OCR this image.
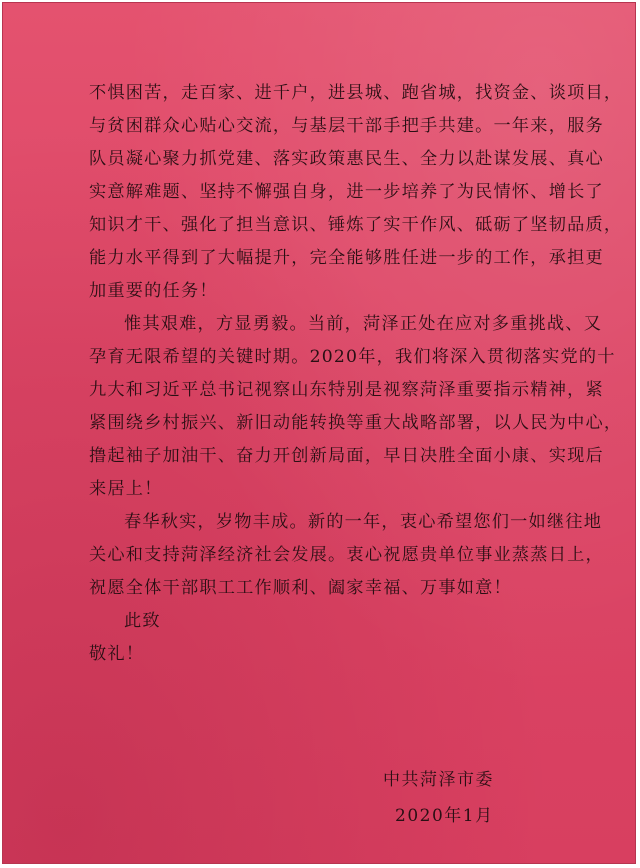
不惧困苦，走百家、进千户，进县城、跑省城，找资金、谈项目，
与贫困群众心贴心交流，与基层干部手把手共建。一年来，服务
队员凝心聚力抓党建、落实政策惠民生、全力以赴谋发展、真心
实意解难题、坚持不懈强自身，进一步培养了为民情怀、增长了
知识才干、强化了担当意识、锤炼了实干作风、砥砺了坚韧品质，
能力水平得到了大幅提升，完全能够胜任进一步的工作，承担更
加重要的任务！
惟其艰难，方显勇毅。当前，菏泽正处在应对多重挑战、又
孕育无限希望的关键时期。2020年，我们将深入贯彻落实党的十
九大和习近平总书记视察山东特别是视察菏泽重要指示精神，紧
紧围绕乡村振兴、新旧动能转换等重大战略部署，以人民为中心，
撸起袖子加油干、奋力开创新局面，早日决胜全面小康、实现后
来居上！
春华秋实，岁物丰成。新的一年，衷心希望您们一如继往地
关心和支持菏泽经济社会发展。衷心祝愿贵单位事业蒸蒸日上，
祝愿全体干部职工工作顺利、阖家幸福、万事如意！
此致
敬礼！
中共菏泽市委
2020年1月
